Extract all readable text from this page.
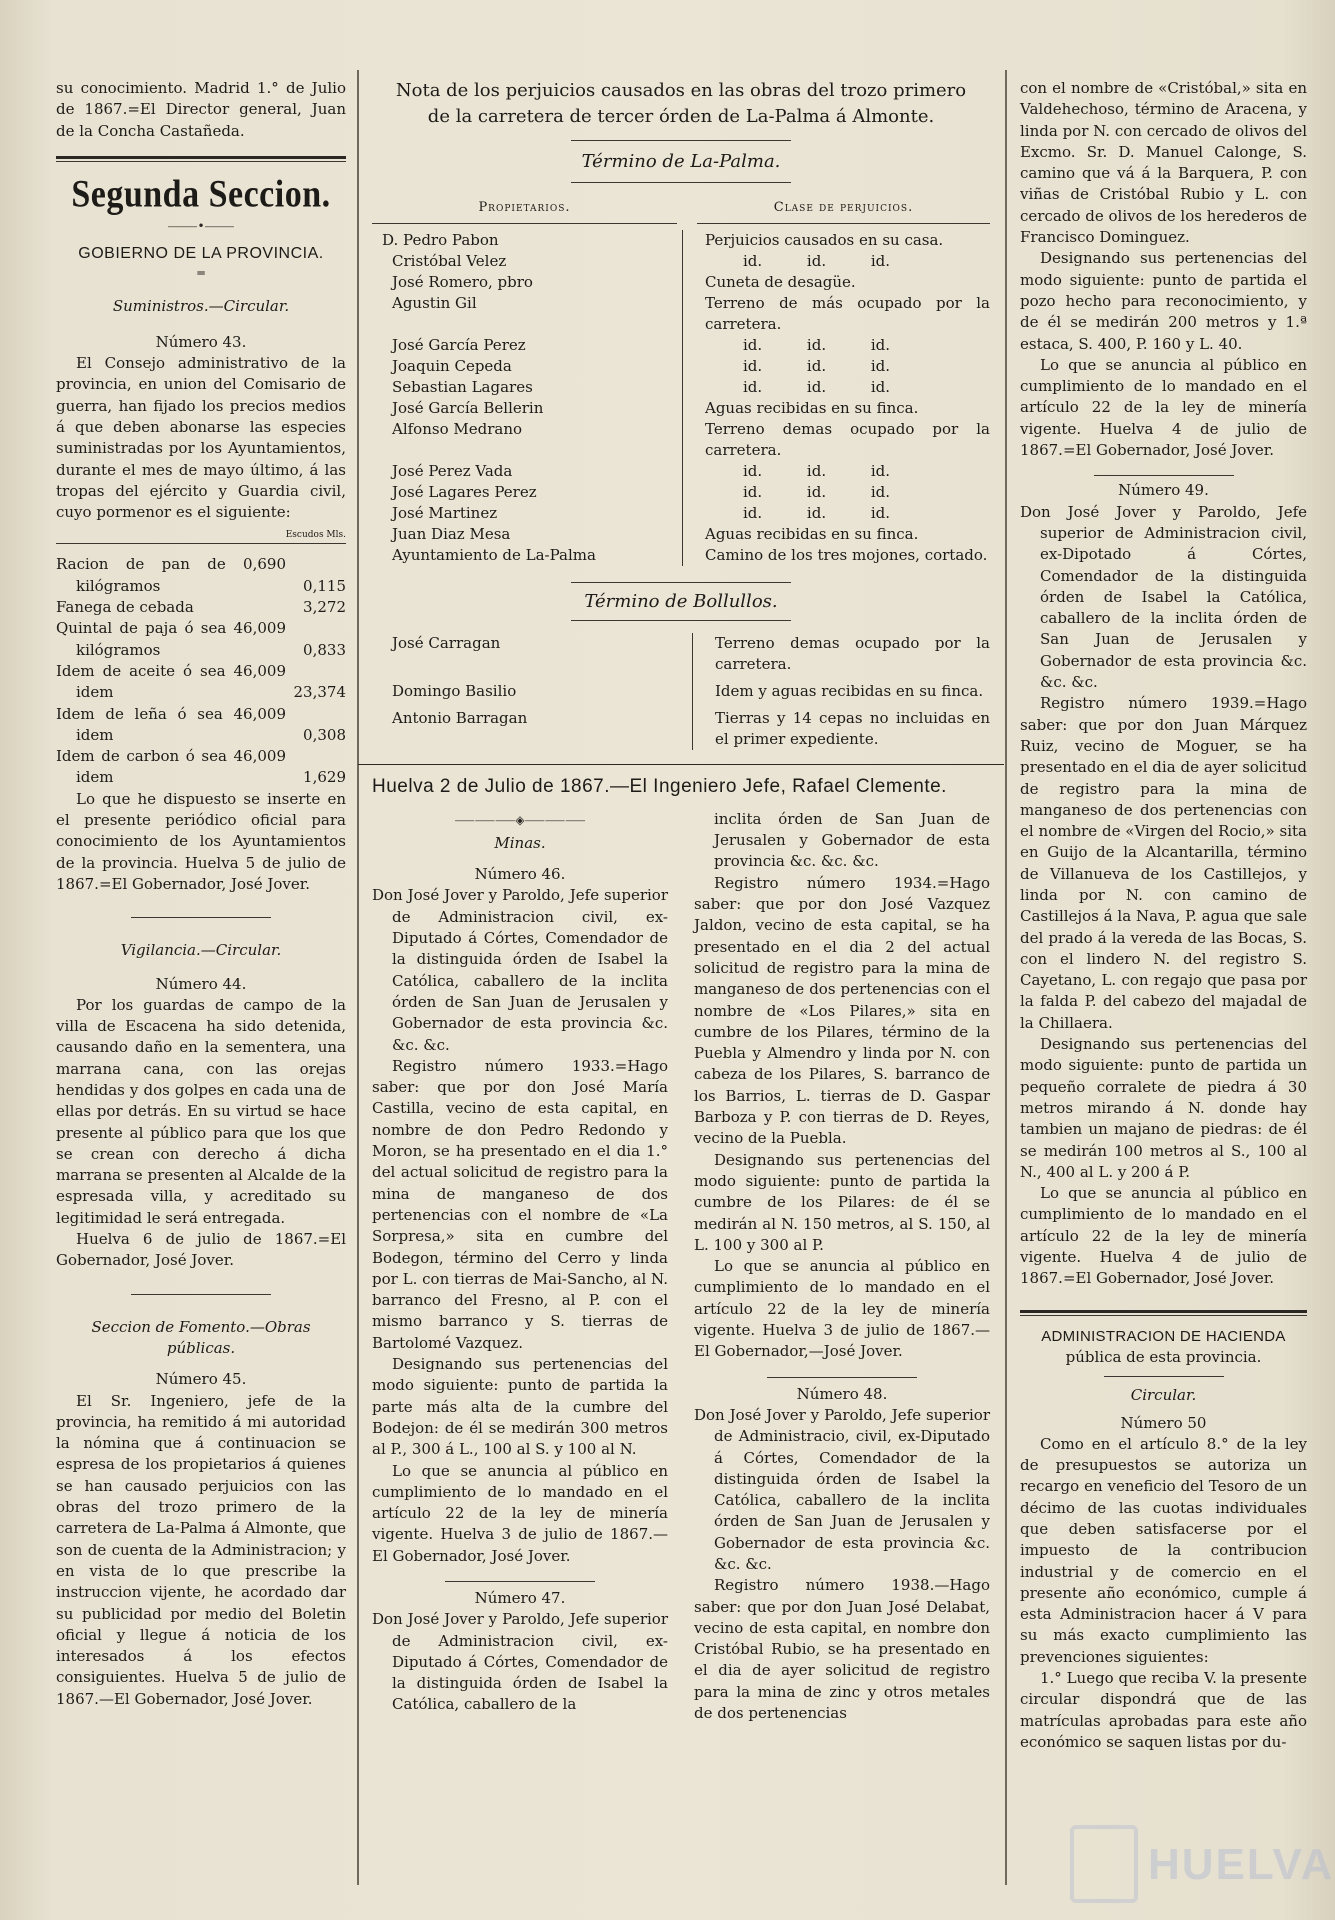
su conocimiento. Madrid 1.° de Julio de 1867.=El Director general, Juan de la Concha Castañeda.

Segunda Seccion.
⸻•⸻
GOBIERNO DE LA PROVINCIA.
═

Suministros.—Circular.

Número 43.

El Consejo administrativo de la provincia, en union del Comisario de guerra, han fijado los precios medios á que deben abonarse las especies suministradas por los Ayuntamientos, durante el mes de mayo último, á las tropas del ejército y Guardia civil, cuyo pormenor es el siguiente:

Escudos Mls.

Racion de pan de 0,690 kilógramos	0,115
Fanega de cebada	3,272
Quintal de paja ó sea 46,009 kilógramos	0,833
Idem de aceite ó sea 46,009 idem	23,374
Idem de leña ó sea 46,009 idem	0,308
Idem de carbon ó sea 46,009 idem	1,629

Lo que he dispuesto se inserte en el presente periódico oficial para conocimiento de los Ayuntamientos de la provincia. Huelva 5 de julio de 1867.=El Gobernador, José Jover.

Vigilancia.—Circular.

Número 44.

Por los guardas de campo de la villa de Escacena ha sido detenida, causando daño en la sementera, una marrana cana, con las orejas hendidas y dos golpes en cada una de ellas por detrás. En su virtud se hace presente al público para que los que se crean con derecho á dicha marrana se presenten al Alcalde de la espresada villa, y acreditado su legitimidad le será entregada.

Huelva 6 de julio de 1867.=El Gobernador, José Jover.

Seccion de Fomento.—Obras públicas.

Número 45.

El Sr. Ingeniero, jefe de la provincia, ha remitido á mi autoridad la nómina que á continuacion se espresa de los propietarios á quienes se han causado perjuicios con las obras del trozo primero de la carretera de La-Palma á Almonte, que son de cuenta de la Administracion; y en vista de lo que prescribe la instruccion vijente, he acordado dar su publicidad por medio del Boletin oficial y llegue á noticia de los interesados á los efectos consiguientes. Huelva 5 de julio de 1867.—El Gobernador, José Jover.

Nota de los perjuicios causados en las obras del trozo primero de la carretera de tercer órden de La-Palma á Almonte.

Término de La-Palma.

Propietarios.	Clase de perjuicios.
D. Pedro Pabon	Perjuicios causados en su casa.
Cristóbal Velez	id. id. id.
José Romero, pbro	Cuneta de desagüe.
Agustin Gil	Terreno de más ocupado por la carretera.
José García Perez	id. id. id.
Joaquin Cepeda	id. id. id.
Sebastian Lagares	id. id. id.
José García Bellerin	Aguas recibidas en su finca.
Alfonso Medrano	Terreno demas ocupado por la carretera.
José Perez Vada	id. id. id.
José Lagares Perez	id. id. id.
José Martinez	id. id. id.
Juan Diaz Mesa	Aguas recibidas en su finca.
Ayuntamiento de La-Palma	Camino de los tres mojones, cortado.

Término de Bollullos.

José Carragan	Terreno demas ocupado por la carretera.
Domingo Basilio	Idem y aguas recibidas en su finca.
Antonio Barragan	Tierras y 14 cepas no incluidas en el primer expediente.

Huelva 2 de Julio de 1867.—El Ingeniero Jefe, Rafael Clemente.

⸺⸺⸺◈⸺⸺⸺

Minas.

Número 46.

Don José Jover y Paroldo, Jefe superior de Administracion civil, ex-Diputado á Córtes, Comendador de la distinguida órden de Isabel la Católica, caballero de la inclita órden de San Juan de Jerusalen y Gobernador de esta provincia &c. &c. &c.

Registro número 1933.=Hago saber: que por don José María Castilla, vecino de esta capital, en nombre de don Pedro Redondo y Moron, se ha presentado en el dia 1.° del actual solicitud de registro para la mina de manganeso de dos pertenencias con el nombre de «La Sorpresa,» sita en cumbre del Bodegon, término del Cerro y linda por L. con tierras de Mai-Sancho, al N. barranco del Fresno, al P. con el mismo barranco y S. tierras de Bartolomé Vazquez.

Designando sus pertenencias del modo siguiente: punto de partida la parte más alta de la cumbre del Bodejon: de él se medirán 300 metros al P., 300 á L., 100 al S. y 100 al N.

Lo que se anuncia al público en cumplimiento de lo mandado en el artículo 22 de la ley de minería vigente. Huelva 3 de julio de 1867.—El Gobernador, José Jover.

Número 47.

Don José Jover y Paroldo, Jefe superior de Administracion civil, ex-Diputado á Córtes, Comendador de la distinguida órden de Isabel la Católica, caballero de la

inclita órden de San Juan de Jerusalen y Gobernador de esta provincia &c. &c. &c.

Registro número 1934.=Hago saber: que por don José Vazquez Jaldon, vecino de esta capital, se ha presentado en el dia 2 del actual solicitud de registro para la mina de manganeso de dos pertenencias con el nombre de «Los Pilares,» sita en cumbre de los Pilares, término de la Puebla y Almendro y linda por N. con cabeza de los Pilares, S. barranco de los Barrios, L. tierras de D. Gaspar Barboza y P. con tierras de D. Reyes, vecino de la Puebla.

Designando sus pertenencias del modo siguiente: punto de partida la cumbre de los Pilares: de él se medirán al N. 150 metros, al S. 150, al L. 100 y 300 al P.

Lo que se anuncia al público en cumplimiento de lo mandado en el artículo 22 de la ley de minería vigente. Huelva 3 de julio de 1867.—El Gobernador,—José Jover.

Número 48.

Don José Jover y Paroldo, Jefe superior de Administracio, civil, ex-Diputado á Córtes, Comendador de la distinguida órden de Isabel la Católica, caballero de la inclita órden de San Juan de Jerusalen y Gobernador de esta provincia &c. &c. &c.

Registro número 1938.—Hago saber: que por don Juan José Delabat, vecino de esta capital, en nombre don Cristóbal Rubio, se ha presentado en el dia de ayer solicitud de registro para la mina de zinc y otros metales de dos pertenencias

con el nombre de «Cristóbal,» sita en Valdehechoso, término de Aracena, y linda por N. con cercado de olivos del Excmo. Sr. D. Manuel Calonge, S. camino que vá á la Barquera, P. con viñas de Cristóbal Rubio y L. con cercado de olivos de los herederos de Francisco Dominguez.

Designando sus pertenencias del modo siguiente: punto de partida el pozo hecho para reconocimiento, y de él se medirán 200 metros y 1.ª estaca, S. 400, P. 160 y L. 40.

Lo que se anuncia al público en cumplimiento de lo mandado en el artículo 22 de la ley de minería vigente. Huelva 4 de julio de 1867.=El Gobernador, José Jover.

Número 49.

Don José Jover y Paroldo, Jefe superior de Administracion civil, ex-Dipotado á Córtes, Comendador de la distinguida órden de Isabel la Católica, caballero de la inclita órden de San Juan de Jerusalen y Gobernador de esta provincia &c. &c. &c.

Registro número 1939.=Hago saber: que por don Juan Márquez Ruiz, vecino de Moguer, se ha presentado en el dia de ayer solicitud de registro para la mina de manganeso de dos pertenencias con el nombre de «Virgen del Rocio,» sita en Guijo de la Alcantarilla, término de Villanueva de los Castillejos, y linda por N. con camino de Castillejos á la Nava, P. agua que sale del prado á la vereda de las Bocas, S. con el lindero N. del registro S. Cayetano, L. con regajo que pasa por la falda P. del cabezo del majadal de la Chillaera.

Designando sus pertenencias del modo siguiente: punto de partida un pequeño corralete de piedra á 30 metros mirando á N. donde hay tambien un majano de piedras: de él se medirán 100 metros al S., 100 al N., 400 al L. y 200 á P.

Lo que se anuncia al público en cumplimiento de lo mandado en el artículo 22 de la ley de minería vigente. Huelva 4 de julio de 1867.=El Gobernador, José Jover.

ADMINISTRACION DE HACIENDA

pública de esta provincia.

Circular.

Número 50

Como en el artículo 8.° de la ley de presupuestos se autoriza un recargo en veneficio del Tesoro de un décimo de las cuotas individuales que deben satisfacerse por el impuesto de la contribucion industrial y de comercio en el presente año económico, cumple á esta Administracion hacer á V para su más exacto cumplimiento las prevenciones siguientes:

1.° Luego que reciba V. la presente circular dispondrá que de las matrículas aprobadas para este año económico se saquen listas por du-

HUELVA
